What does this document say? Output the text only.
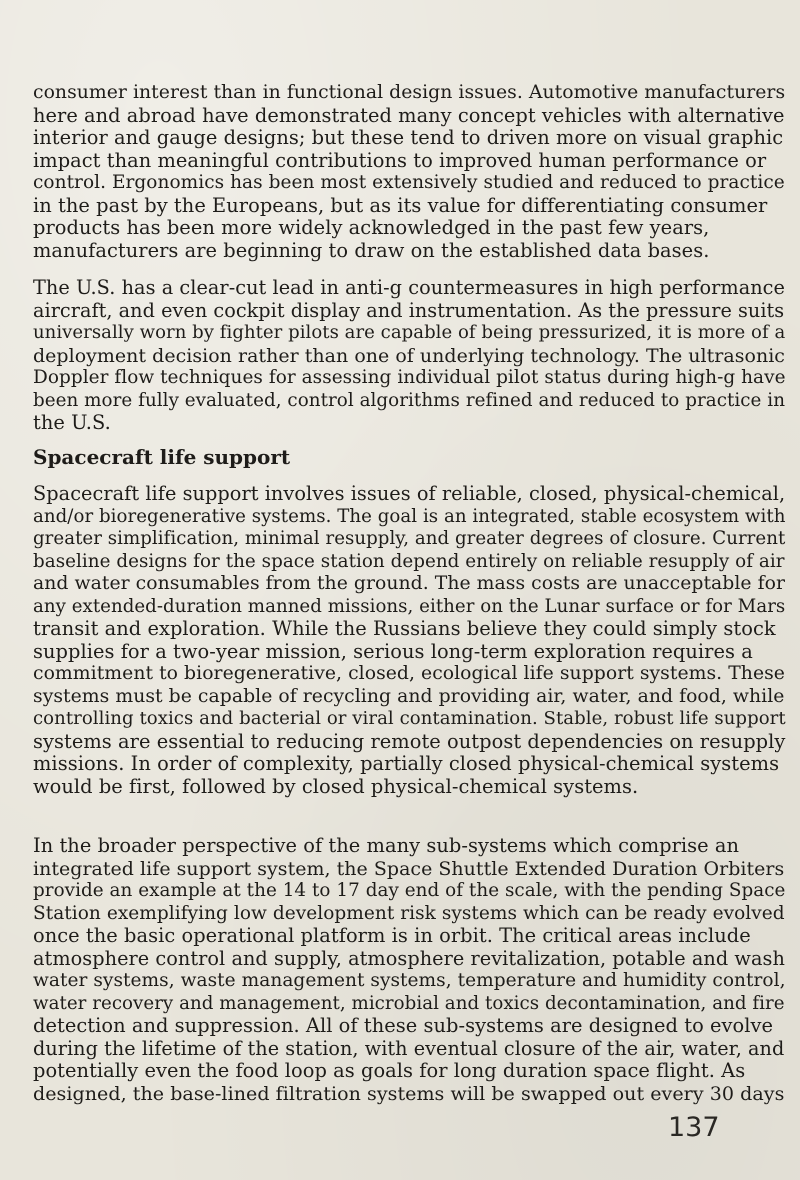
consumer interest than in functional design issues. Automotive manufacturers
here and abroad have demonstrated many concept vehicles with alternative
interior and gauge designs; but these tend to driven more on visual graphic
impact than meaningful contributions to improved human performance or
control. Ergonomics has been most extensively studied and reduced to practice
in the past by the Europeans, but as its value for differentiating consumer
products has been more widely acknowledged in the past few years,
manufacturers are beginning to draw on the established data bases.
The U.S. has a clear-cut lead in anti-g countermeasures in high performance
aircraft, and even cockpit display and instrumentation. As the pressure suits
universally worn by fighter pilots are capable of being pressurized, it is more of a
deployment decision rather than one of underlying technology. The ultrasonic
Doppler flow techniques for assessing individual pilot status during high-g have
been more fully evaluated, control algorithms refined and reduced to practice in
the U.S.
Spacecraft life support
Spacecraft life support involves issues of reliable, closed, physical-chemical,
and/or bioregenerative systems. The goal is an integrated, stable ecosystem with
greater simplification, minimal resupply, and greater degrees of closure. Current
baseline designs for the space station depend entirely on reliable resupply of air
and water consumables from the ground. The mass costs are unacceptable for
any extended-duration manned missions, either on the Lunar surface or for Mars
transit and exploration. While the Russians believe they could simply stock
supplies for a two-year mission, serious long-term exploration requires a
commitment to bioregenerative, closed, ecological life support systems. These
systems must be capable of recycling and providing air, water, and food, while
controlling toxics and bacterial or viral contamination. Stable, robust life support
systems are essential to reducing remote outpost dependencies on resupply
missions. In order of complexity, partially closed physical-chemical systems
would be first, followed by closed physical-chemical systems.
In the broader perspective of the many sub-systems which comprise an
integrated life support system, the Space Shuttle Extended Duration Orbiters
provide an example at the 14 to 17 day end of the scale, with the pending Space
Station exemplifying low development risk systems which can be ready evolved
once the basic operational platform is in orbit. The critical areas include
atmosphere control and supply, atmosphere revitalization, potable and wash
water systems, waste management systems, temperature and humidity control,
water recovery and management, microbial and toxics decontamination, and fire
detection and suppression. All of these sub-systems are designed to evolve
during the lifetime of the station, with eventual closure of the air, water, and
potentially even the food loop as goals for long duration space flight. As
designed, the base-lined filtration systems will be swapped out every 30 days
137
